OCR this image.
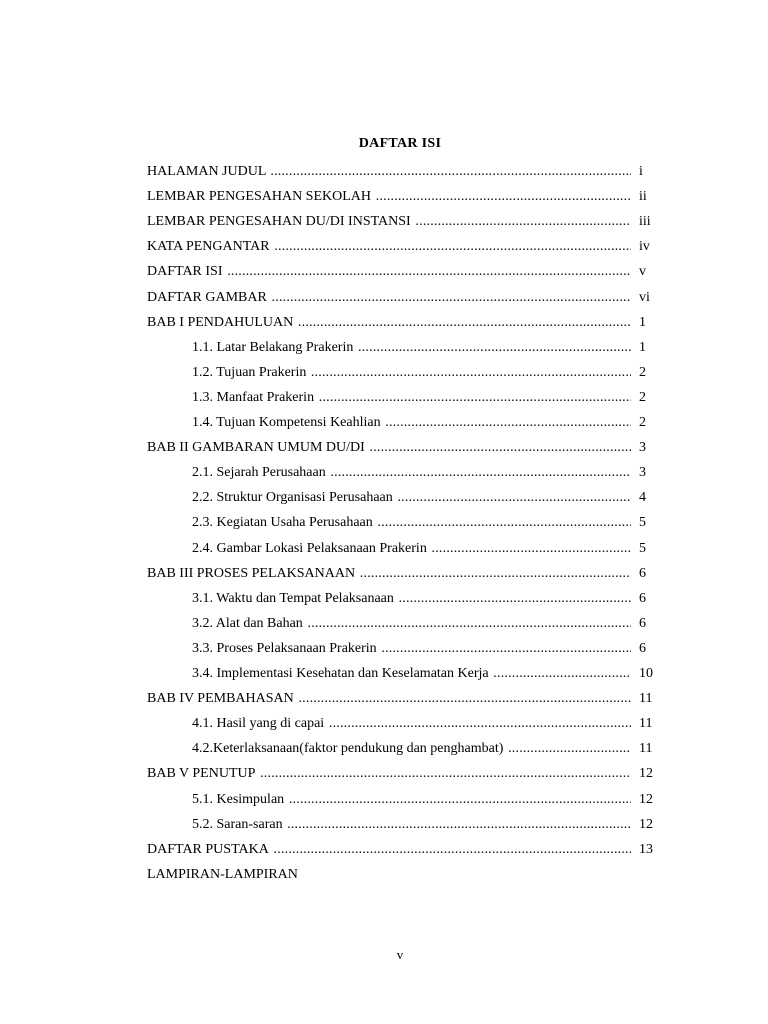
DAFTAR ISI
HALAMAN JUDUL .....	i
LEMBAR PENGESAHAN SEKOLAH .....	ii
LEMBAR PENGESAHAN DU/DI INSTANSI .....	iii
KATA PENGANTAR .....	iv
DAFTAR ISI .....	v
DAFTAR GAMBAR .....	vi
BAB I PENDAHULUAN .....	1
1.1. Latar Belakang Prakerin .....	1
1.2. Tujuan Prakerin .....	2
1.3. Manfaat Prakerin .....	2
1.4. Tujuan Kompetensi Keahlian .....	2
BAB II GAMBARAN UMUM DU/DI .....	3
2.1. Sejarah Perusahaan .....	3
2.2. Struktur Organisasi Perusahaan .....	4
2.3. Kegiatan Usaha Perusahaan .....	5
2.4. Gambar Lokasi Pelaksanaan Prakerin .....	5
BAB III PROSES PELAKSANAAN .....	6
3.1. Waktu dan Tempat Pelaksanaan .....	6
3.2. Alat dan Bahan .....	6
3.3. Proses Pelaksanaan Prakerin .....	6
3.4. Implementasi Kesehatan dan Keselamatan Kerja .....	10
BAB IV PEMBAHASAN .....	11
4.1. Hasil yang di capai .....	11
4.2.Keterlaksanaan(faktor pendukung dan penghambat) .....	11
BAB V PENUTUP .....	12
5.1. Kesimpulan .....	12
5.2. Saran-saran .....	12
DAFTAR PUSTAKA .....	13
LAMPIRAN-LAMPIRAN
v
